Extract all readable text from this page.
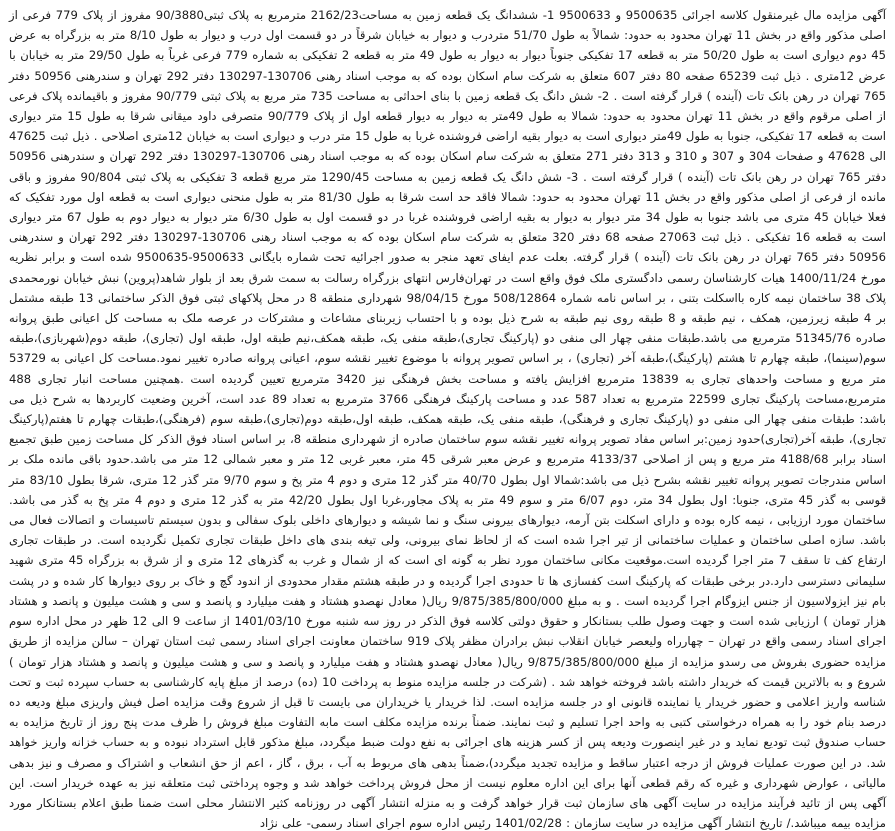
آگهی مزایده مال غیرمنقول کلاسه اجرائی 9500635 و 9500633 1- ششدانگ یک قطعه زمین به مساحت2162/23 مترمربع به پلاک ثبتی90/3880 مفروز از پلاک 779 فرعی از اصلی مذکور واقع در بخش 11 تهران محدود به حدود: شمالاً به طول 51/70 متردرب و دیوار به خیابان شرقاً در دو قسمت اول درب و دیوار به طول 8/10 متر به بزرگراه به عرض 45 دوم دیواری است به طول 50/20 متر به قطعه 17 تفکیکی جنوباً دیوار به دیوار به طول 49 متر به قطعه 2 تفکیکی به شماره 779 فرعی غرباً به طول 29/50 متر به خیابان با عرض 12متری . ذیل ثبت 65239 صفحه 80 دفتر 607 متعلق به شرکت سام اسکان بوده که به موجب اسناد رهنی 130706-130297 دفتر 292 تهران و سندرهنی 50956 دفتر 765 تهران در رهن بانک تات (آینده ) قرار گرفته است . 2- شش دانگ یک قطعه زمین با بنای احداثی به مساحت 735 متر مربع به پلاک ثبتی 90/779 مفروز و باقیمانده پلاک فرعی از اصلی مرقوم واقع در بخش 11 تهران محدود به حدود: شمالا به طول 49متر به دیوار به دیوار قطعه اول از پلاک 90/779 متصرفی داود میقانی شرقا به طول 15 متر دیواری است به قطعه 17 تفکیکی، جنوبا به طول 49متر دیواری است به دیوار بقیه اراضی فروشنده غربا به طول 15 متر درب و دیواری است به خیابان 12متری اصلاحی . ذیل ثبت 47625 الی 47628 و صفحات 304 و 307 و 310 و 313 دفتر 271 متعلق به شرکت سام اسکان بوده که به موجب اسناد رهنی 130706-130297 دفتر 292 تهران و سندرهنی 50956 دفتر 765 تهران در رهن بانک تات (آینده ) قرار گرفته است . 3- شش دانگ یک قطعه زمین به مساحت 1290/45 متر مربع قطعه 3 تفکیکی به پلاک ثبتی 90/804 مفروز و باقی مانده از فرعی از اصلی مذکور واقع در بخش 11 تهران محدود به حدود: شمالا فاقد حد است شرقا به طول 81/30 متر به طول منحنی دیواری است به قطعه اول مورد تفکیک که فعلا خیابان 45 متری می باشد جنوبا به طول 34 متر دیوار به دیوار به بقیه اراضی فروشنده غربا در دو قسمت اول به طول 6/30 متر دیوار به دیوار دوم به طول 67 متر دیواری است به قطعه 16 تفکیکی . ذیل ثبت 27063 صفحه 68 دفتر 320 متعلق به شرکت سام اسکان بوده که به موجب اسناد رهنی 130706-130297 دفتر 292 تهران و سندرهنی 50956 دفتر 765 تهران در رهن بانک تات (آینده ) قرار گرفته. بعلت عدم ایفای تعهد منجر به صدور اجرائیه تحت شماره بایگانی 9500633-9500635 شده است و برابر نظریه مورخ 1400/11/24 هیات کارشناسان رسمی دادگستری ملک فوق واقع است در تهران‌فارس انتهای بزرگراه رسالت به سمت شرق بعد از بلوار شاهد(پروین) نبش خیابان نورمحمدی پلاک 38 ساختمان نیمه کاره بااسکلت بتنی ، بر اساس نامه شماره 508/12864 مورخ 98/04/15 شهرداری منطقه 8 در محل پلاکهای ثبتی فوق الذکر ساختمانی 13 طبقه مشتمل بر 4 طبقه زیرزمین، همکف ، نیم طبقه و 8 طبقه روی نیم طبقه به شرح ذیل بوده و با احتساب زیربنای مشاعات و مشترکات در عرصه ملک به مساحت کل اعیانی طبق پروانه صادره 51345/76 مترمربع می باشد.طبقات منفی چهار الی منفی دو (پارکینگ تجاری)،طبقه منفی یک، طبقه همکف،نیم طبقه اول، طبقه اول (تجاری)، طبقه دوم(شهربازی)،طبقه سوم(سینما)، طبقه چهارم تا هشتم (پارکینگ)،طبقه آخر (تجاری) ، بر اساس تصویر پروانه با موضوع تغییر نقشه سوم، اعیانی پروانه صادره تغییر نمود.مساحت کل اعیانی به 53729 متر مربع و مساحت واحدهای تجاری به 13839 مترمربع افزایش یافته و مساحت بخش فرهنگی نیز 3420 مترمربع تعیین گردیده است .همچنین مساحت انبار تجاری 488 مترمربع،مساحت پارکینگ تجاری 22599 مترمربع به تعداد 587 عدد و مساحت پارکینگ فرهنگی 3766 مترمربع به تعداد 89 عدد است، آخرین وضعیت کاربردها به شرح ذیل می باشد: طبقات منفی چهار الی منفی دو (پارکینگ تجاری و فرهنگی)، طبقه منفی یک، طبقه همکف، طبقه اول،طبقه دوم(تجاری)،طبقه سوم (فرهنگی)،طبقات چهارم تا هفتم(پارکینگ تجاری)، طبقه آخر(تجاری)حدود زمین:بر اساس مفاد تصویر پروانه تغییر نقشه سوم ساختمان صادره از شهرداری منطقه 8، بر اساس اسناد فوق الذکر کل مساحت زمین طبق تجمیع اسناد برابر 4188/68 متر مربع و پس از اصلاحی 4133/37 مترمربع و عرض معبر شرقی 45 متر، معبر غربی 12 متر و معبر شمالی 12 متر می باشد.حدود باقی مانده ملک بر اساس مندرجات تصویر پروانه تغییر نقشه بشرح ذیل می باشد:شمالا اول بطول 40/70 متر گذر 12 متری و دوم 4 متر پخ و سوم 9/70 متر گذر 12 متری، شرقا بطول 83/10 متر قوسی به گذر 45 متری، جنوبا: اول بطول 34 متر، دوم 6/07 متر و سوم 49 متر به پلاک مجاور،غربا اول بطول 42/20 متر به گذر 12 متری و دوم 4 متر پخ به گذر می باشد. ساختمان مورد ارزیابی ، نیمه کاره بوده و دارای اسکلت بتن آرمه، دیوارهای بیرونی سنگ و نما شیشه و دیوارهای داخلی بلوک سفالی و بدون سیستم تاسیسات و اتصالات فعال می باشد. سازه اصلی ساختمان و عملیات ساختمانی از تیر اجرا شده است که از لحاظ نمای بیرونی، ولی تیغه بندی های داخل طبقات تجاری تکمیل نگردیده است. در طبقات تجاری ارتفاع کف تا سقف 7 متر اجرا گردیده است.موقعیت مکانی ساختمان مورد نظر به گونه ای است که از شمال و غرب به گذرهای 12 متری و از شرق به بزرگراه 45 متری شهید سلیمانی دسترسی دارد.در برخی طبقات که پارکینگ است کفسازی ها تا حدودی اجرا گردیده و در طبقه هشتم مقدار محدودی از اندود گچ و خاک بر روی دیوارها کار شده و در پشت بام نیز ایزولاسیون از جنس ایزوگام اجرا گردیده است . و به مبلغ 9/875/385/800/000 ریال( معادل نهصدو هشتاد و هفت میلیارد و پانصد و سی و هشت میلیون و پانصد و هشتاد هزار تومان ) ارزیابی شده است و جهت وصول طلب بستانکار و حقوق دولتی کلاسه فوق الذکر در روز سه شنبه مورخ 1401/03/10 از ساعت 9 الی 12 ظهر در محل اداره سوم اجرای اسناد رسمی واقع در تهران – چهارراه ولیعصر خیابان انقلاب نبش برادران مظفر پلاک 919 ساختمان معاونت اجرای اسناد رسمی ثبت استان تهران – سالن مزایده از طریق مزایده حضوری بفروش می رسدو مزایده از مبلغ 9/875/385/800/000 ریال( معادل نهصدو هشتاد و هفت میلیارد و پانصد و سی و هشت میلیون و پانصد و هشتاد هزار تومان ) شروع و به بالاترین قیمت که خریدار داشته باشد فروخته خواهد شد . (شرکت در جلسه مزایده منوط به پرداخت 10 (ده) درصد از مبلغ پایه کارشناسی به حساب سپرده ثبت و تحت شناسه واریز اعلامی و حضور خریدار یا نماینده قانونی او در جلسه مزایده است. لذا خریدار یا خریداران می بایست تا قبل از شروع وقت مزایده اصل فیش واریزی مبلغ ودیعه ده درصد بنام خود را به همراه درخواستی کتبی به واحد اجرا تسلیم و ثبت نمایند. ضمناً برنده مزایده مکلف است مابه التفاوت مبلغ فروش را ظرف مدت پنج روز از تاریخ مزایده به حساب صندوق ثبت تودیع نماید و در غیر اینصورت ودیعه پس از کسر هزینه های اجرائی به نفع دولت ضبط میگردد، مبلغ مذکور قابل استرداد نبوده و به حساب خزانه واریز خواهد شد. در این صورت عملیات فروش از درجه اعتبار ساقط و مزایده تجدید میگردد)،ضمناً بدهی های مربوط به آب ، برق ، گاز ، اعم از حق انشعاب و اشتراک و مصرف و نیز بدهی مالیاتی ، عوارض شهرداری و غیره که رقم قطعی آنها برای این اداره معلوم نیست از محل فروش پرداخت خواهد شد و وجوه پرداختی ثبت متعلقه نیز به عهده خریدار است. این آگهی پس از تائید فرآیند مزایده در سایت آگهی های سازمان ثبت قرار خواهد گرفت و به منزله انتشار آگهی در روزنامه کثیر الانتشار محلی است ضمنا طبق اعلام بستانکار مورد مزایده بیمه میباشد./ تاریخ انتشار آگهی مزایده در سایت سازمان : 1401/02/28 رئیس اداره سوم اجرای اسناد رسمی- علی نژاد
